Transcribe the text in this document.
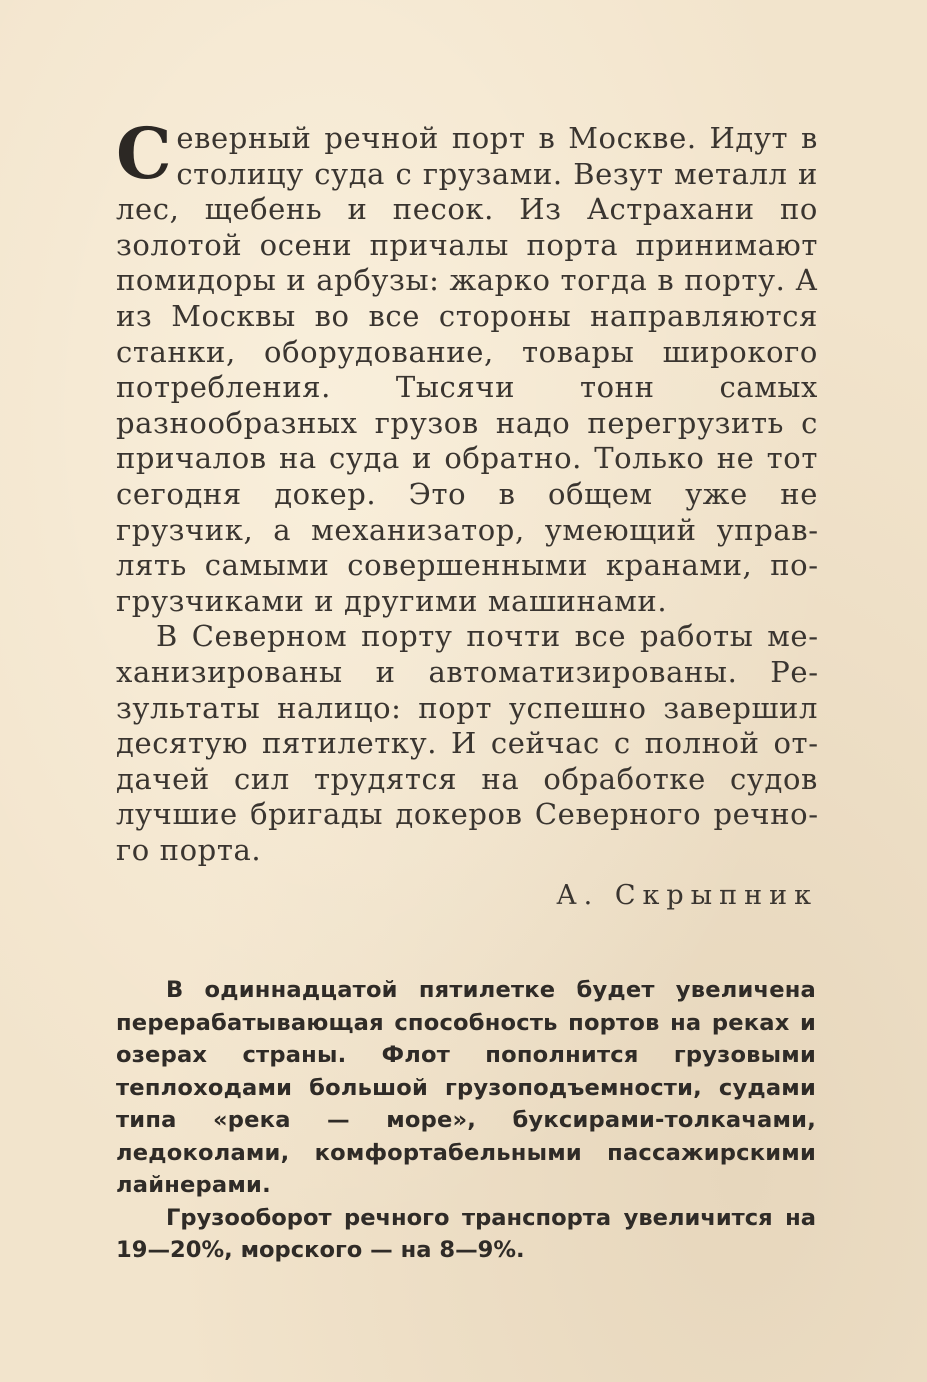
Северный речной порт в Москве. Идут в столицу суда с грузами. Везут металл и лес, щебень и песок. Из Астрахани по золотой осени причалы порта принимают помидоры и арбузы: жарко тогда в порту. А из Москвы во все стороны направляются станки, оборудование, товары широкого потребления. Тысячи тонн самых разнообразных грузов надо перегрузить с причалов на суда и обратно. Только не тот сегодня докер. Это в общем уже не грузчик, а механизатор, умеющий управлять самыми совершенными кранами, погрузчиками и другими машинами.

В Северном порту почти все работы механизированы и автоматизированы. Результаты налицо: порт успешно завершил десятую пятилетку. И сейчас с полной отдачей сил трудятся на обработке судов лучшие бригады докеров Северного речного порта.

А. Скрыпник

В одиннадцатой пятилетке будет увеличена перерабатывающая способность портов на реках и озерах страны. Флот пополнится грузовыми теплоходами большой грузоподъемности, судами типа «река — море», буксирами-толкачами, ледоколами, комфортабельными пассажирскими лайнерами.

Грузооборот речного транспорта увеличится на 19—20%, морского — на 8—9%.
